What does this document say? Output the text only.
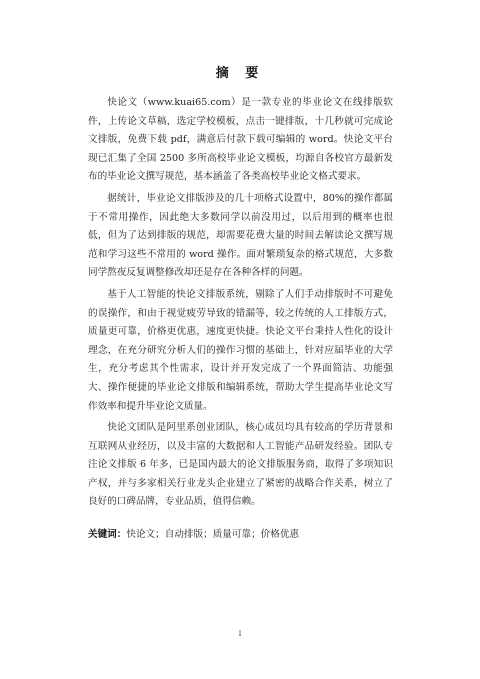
摘 要

快论文（www.kuai65.com）是一款专业的毕业论文在线排版软件，上传论文草稿，选定学校模板，点击一键排版，十几秒就可完成论文排版，免费下载 pdf，满意后付款下载可编辑的 word。快论文平台现已汇集了全国 2500 多所高校毕业论文模板，均源自各校官方最新发布的毕业论文撰写规范，基本涵盖了各类高校毕业论文格式要求。

据统计，毕业论文排版涉及的几十项格式设置中，80%的操作都属于不常用操作，因此绝大多数同学以前没用过，以后用到的概率也很低，但为了达到排版的规范，却需要花费大量的时间去解读论文撰写规范和学习这些不常用的 word 操作。面对繁琐复杂的格式规范，大多数同学熬夜反复调整修改却还是存在各种各样的问题。

基于人工智能的快论文排版系统，剔除了人们手动排版时不可避免的误操作，和由于视觉疲劳导致的错漏等，较之传统的人工排版方式，质量更可靠，价格更优惠，速度更快捷。快论文平台秉持人性化的设计理念，在充分研究分析人们的操作习惯的基础上，针对应届毕业的大学生，充分考虑其个性需求，设计并开发完成了一个界面简洁、功能强大、操作便捷的毕业论文排版和编辑系统，帮助大学生提高毕业论文写作效率和提升毕业论文质量。

快论文团队是阿里系创业团队，核心成员均具有较高的学历背景和互联网从业经历，以及丰富的大数据和人工智能产品研发经验。团队专注论文排版 6 年多，已是国内最大的论文排版服务商，取得了多项知识产权，并与多家相关行业龙头企业建立了紧密的战略合作关系，树立了良好的口碑品牌，专业品质，值得信赖。

关键词：快论文；自动排版；质量可靠；价格优惠
I
